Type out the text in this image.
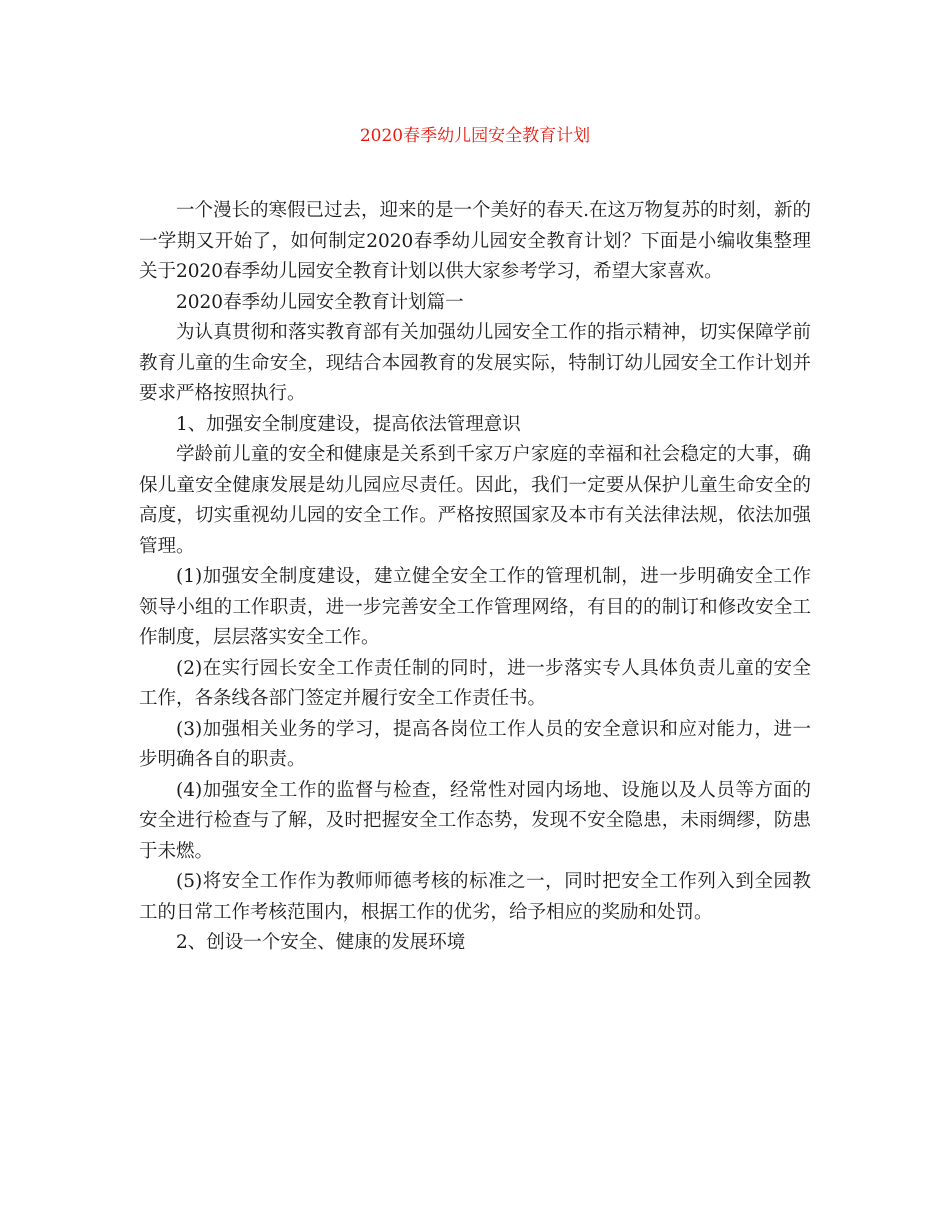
2020春季幼儿园安全教育计划

一个漫长的寒假已过去，迎来的是一个美好的春天.在这万物复苏的时刻，新的一学期又开始了，如何制定2020春季幼儿园安全教育计划？下面是小编收集整理关于2020春季幼儿园安全教育计划以供大家参考学习，希望大家喜欢。

2020春季幼儿园安全教育计划篇一

为认真贯彻和落实教育部有关加强幼儿园安全工作的指示精神，切实保障学前教育儿童的生命安全，现结合本园教育的发展实际，特制订幼儿园安全工作计划并要求严格按照执行。

1、加强安全制度建设，提高依法管理意识

学龄前儿童的安全和健康是关系到千家万户家庭的幸福和社会稳定的大事，确保儿童安全健康发展是幼儿园应尽责任。因此，我们一定要从保护儿童生命安全的高度，切实重视幼儿园的安全工作。严格按照国家及本市有关法律法规，依法加强管理。

(1)加强安全制度建设，建立健全安全工作的管理机制，进一步明确安全工作领导小组的工作职责，进一步完善安全工作管理网络，有目的的制订和修改安全工作制度，层层落实安全工作。

(2)在实行园长安全工作责任制的同时，进一步落实专人具体负责儿童的安全工作，各条线各部门签定并履行安全工作责任书。

(3)加强相关业务的学习，提高各岗位工作人员的安全意识和应对能力，进一步明确各自的职责。

(4)加强安全工作的监督与检查，经常性对园内场地、设施以及人员等方面的安全进行检查与了解，及时把握安全工作态势，发现不安全隐患，未雨绸缪，防患于未燃。

(5)将安全工作作为教师师德考核的标准之一，同时把安全工作列入到全园教工的日常工作考核范围内，根据工作的优劣，给予相应的奖励和处罚。

2、创设一个安全、健康的发展环境
